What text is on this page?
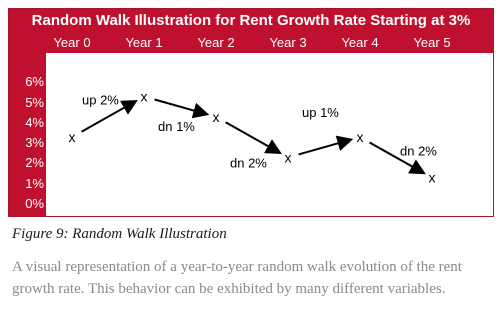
Random Walk Illustration for Rent Growth Rate Starting at 3%
Year 0	Year 1	Year 2	Year 3	Year 4	Year 5
6%
5%
4%
3%
2%
1%
0%
x
x
x
x
x
x
up 2%
dn 1%
dn 2%
up 1%
dn 2%
Figure 9: Random Walk Illustration
A visual representation of a year-to-year random walk evolution of the rent growth rate. This behavior can be exhibited by many different variables.
